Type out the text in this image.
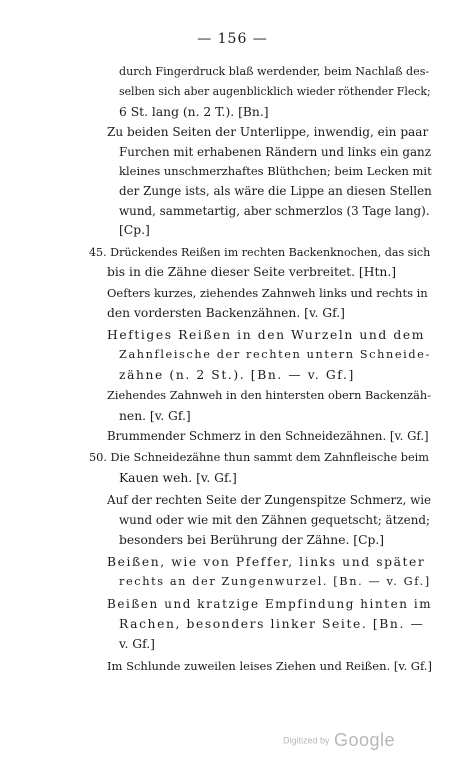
— 156 —
durch Fingerdruck blaß werdender, beim Nachlaß des-
selben sich aber augenblicklich wieder röthender Fleck;
6 St. lang (n. 2 T.). [Bn.]
Zu beiden Seiten der Unterlippe, inwendig, ein paar
Furchen mit erhabenen Rändern und links ein ganz
kleines unschmerzhaftes Blüthchen; beim Lecken mit
der Zunge ists, als wäre die Lippe an diesen Stellen
wund, sammetartig, aber schmerzlos (3 Tage lang).
[Cp.]
45. Drückendes Reißen im rechten Backenknochen, das sich
bis in die Zähne dieser Seite verbreitet. [Htn.]
Oefters kurzes, ziehendes Zahnweh links und rechts in
den vordersten Backenzähnen. [v. Gf.]
Heftiges Reißen in den Wurzeln und dem
Zahnfleische der rechten untern Schneide-
zähne (n. 2 St.). [Bn. — v. Gf.]
Ziehendes Zahnweh in den hintersten obern Backenzäh-
nen. [v. Gf.]
Brummender Schmerz in den Schneidezähnen. [v. Gf.]
50. Die Schneidezähne thun sammt dem Zahnfleische beim
Kauen weh. [v. Gf.]
Auf der rechten Seite der Zungenspitze Schmerz, wie
wund oder wie mit den Zähnen gequetscht; ätzend;
besonders bei Berührung der Zähne. [Cp.]
Beißen, wie von Pfeffer, links und später
rechts an der Zungenwurzel. [Bn. — v. Gf.]
Beißen und kratzige Empfindung hinten im
Rachen, besonders linker Seite. [Bn. —
v. Gf.]
Im Schlunde zuweilen leises Ziehen und Reißen. [v. Gf.]
Digitized by Google
